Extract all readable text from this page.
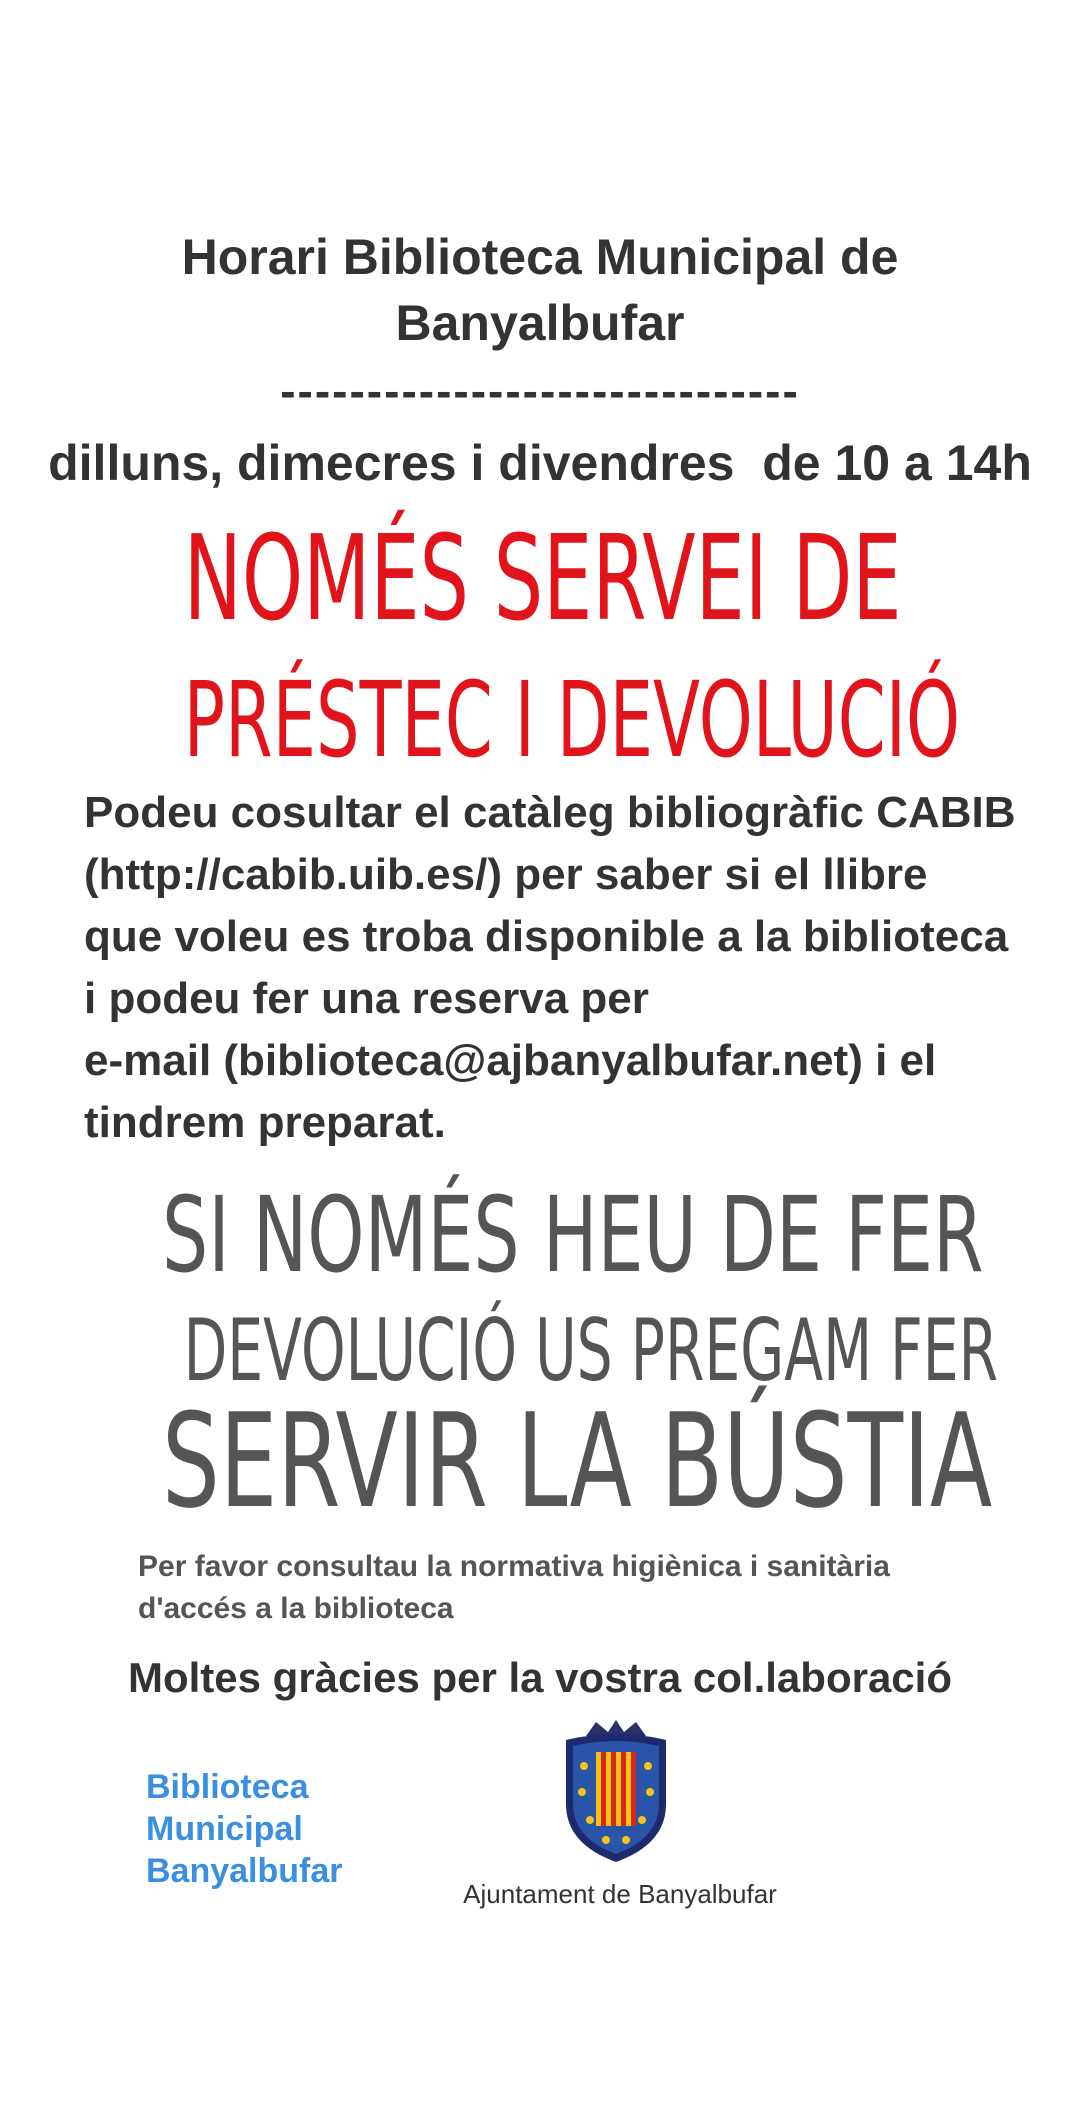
Horari Biblioteca Municipal de
Banyalbufar
------------------------------
dilluns, dimecres i divendres  de 10 a 14h
NOMÉS SERVEI DE
PRÉSTEC I DEVOLUCIÓ
Podeu cosultar el catàleg bibliogràfic CABIB
(http://cabib.uib.es/) per saber si el llibre
que voleu es troba disponible a la biblioteca
i podeu fer una reserva per
e-mail (biblioteca@ajbanyalbufar.net) i el
tindrem preparat.
SI NOMÉS HEU DE FER
DEVOLUCIÓ US PREGAM FER
SERVIR LA BÚSTIA
Per favor consultau la normativa higiènica i sanitària
d'accés a la biblioteca
Moltes gràcies per la vostra col.laboració
Biblioteca
Municipal
Banyalbufar
Ajuntament de Banyalbufar
